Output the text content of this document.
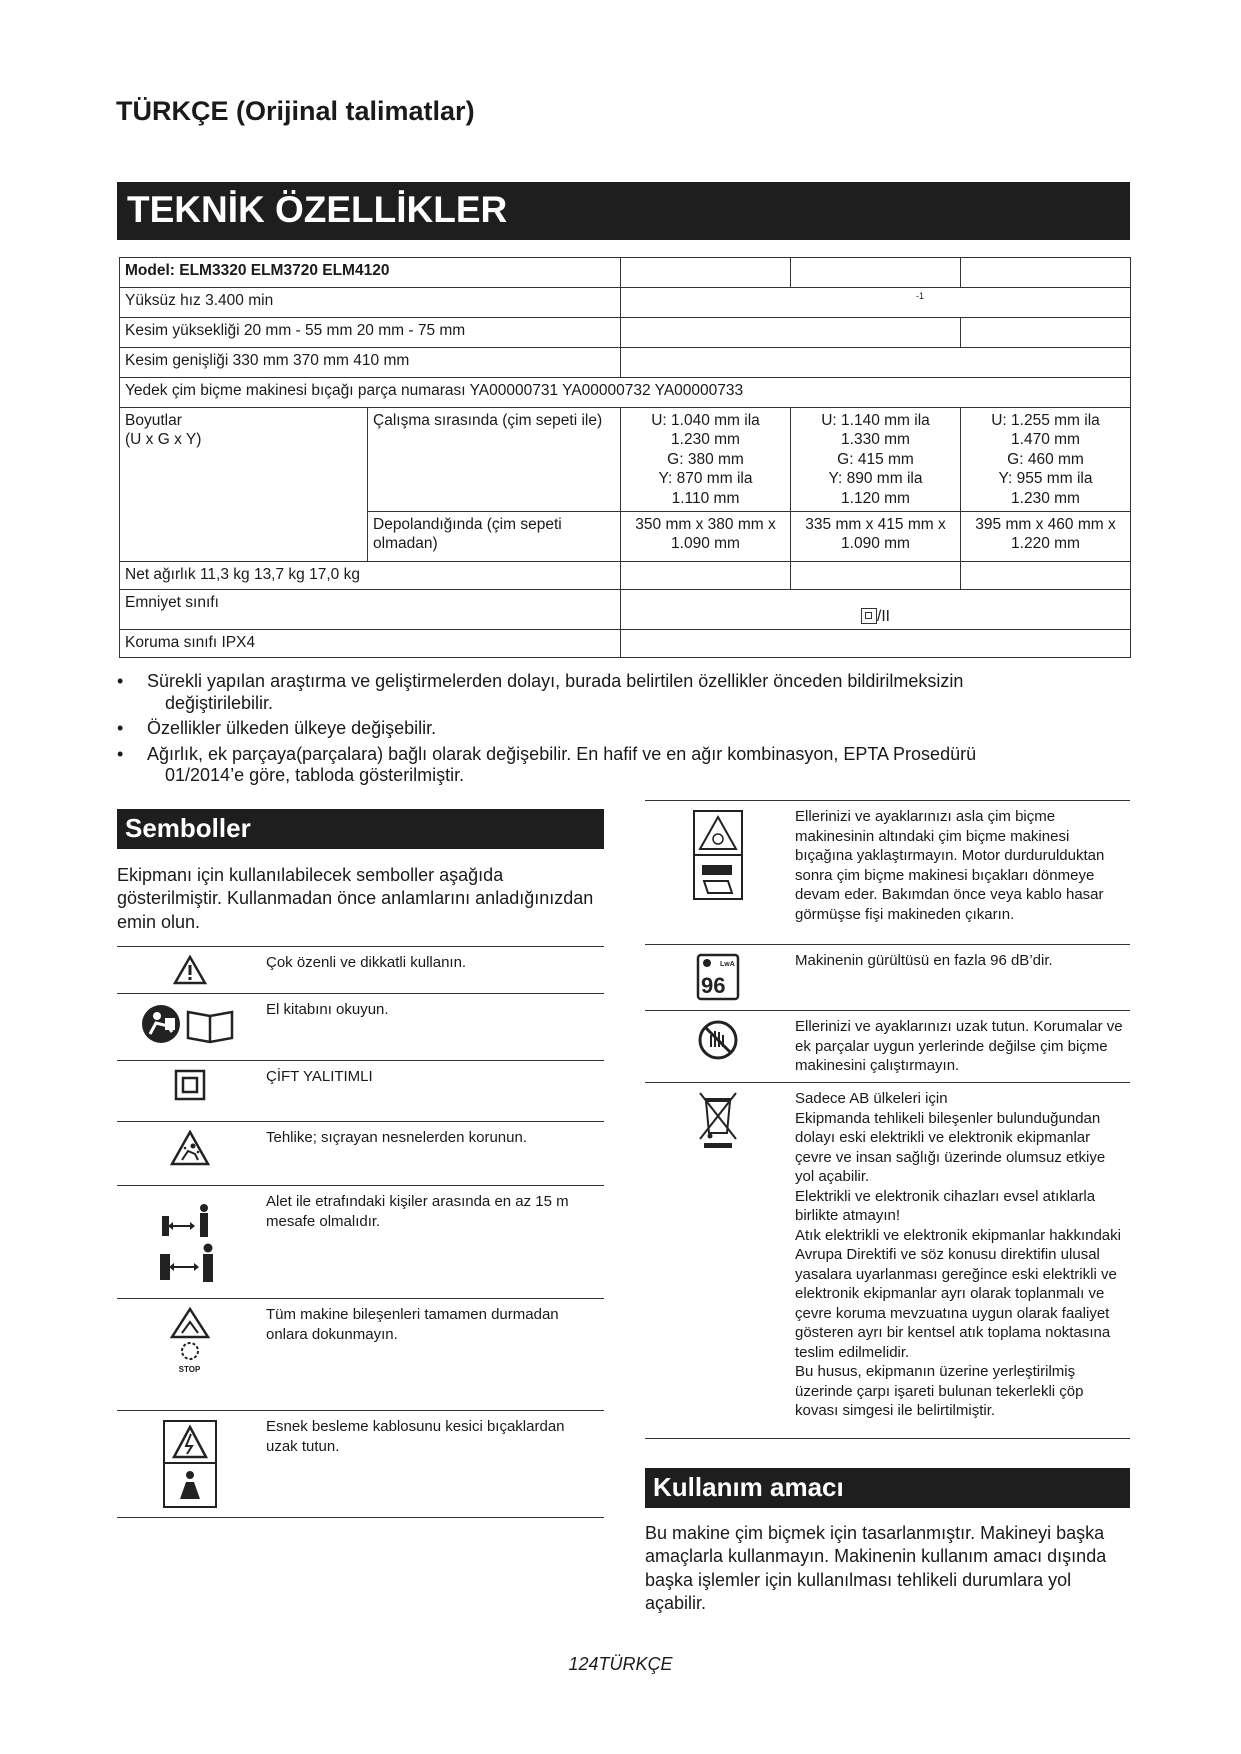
TÜRKÇE (Orijinal talimatlar)
TEKNİK ÖZELLİKLER
Model: ELM3320 ELM3720 ELM4120				
Yüksüz hız 3.400 min		$^{-1}$
Kesim yüksekliği 20 mm - 55 mm 20 mm - 75 mm				
Kesim genişliği 330 mm 370 mm 410 mm				
Yedek çim biçme makinesi bıçağı parça numarası YA00000731 YA00000732 YA00000733				
Boyutlar
(U x G x Y)	Çalışma sırasında (çim sepeti ile)	U: 1.040 mm ila
1.230 mm
G: 380 mm
Y: 870 mm ila
1.110 mm	U: 1.140 mm ila
1.330 mm
G: 415 mm
Y: 890 mm ila
1.120 mm	U: 1.255 mm ila
1.470 mm
G: 460 mm
Y: 955 mm ila
1.230 mm
	Depolandığında (çim sepeti olmadan)	350 mm x 380 mm x
1.090 mm	335 mm x 415 mm x
1.090 mm	395 mm x 460 mm x
1.220 mm
Net ağırlık 11,3 kg 13,7 kg 17,0 kg				
Emniyet sınıfı		/II		
Koruma sınıfı IPX4				
• Sürekli yapılan araştırma ve geliştirmelerden dolayı, burada belirtilen özellikler önceden bildirilmeksizin
değiştirilebilir.
• Özellikler ülkeden ülkeye değişebilir.
• Ağırlık, ek parçaya(parçalara) bağlı olarak değişebilir. En hafif ve en ağır kombinasyon, EPTA Prosedürü
01/2014’e göre, tabloda gösterilmiştir.
Semboller

Ekipmanı için kullanılabilecek semboller aşağıda gösterilmiştir. Kullanmadan önce anlamlarını anladığınızdan emin olun.

	Çok özenli ve dikkatli kullanın.

	El kitabını okuyun.

	ÇİFT YALITIMLI

	Tehlike; sıçrayan nesnelerden korunun.

	Alet ile etrafındaki kişiler arasında en az 15 m mesafe olmalıdır.

STOP	Tüm makine bileşenleri tamamen durmadan onlara dokunmayın.

	Esnek besleme kablosunu kesici bıçaklardan uzak tutun.
	Ellerinizi ve ayaklarınızı asla çim biçme makinesinin altındaki çim biçme makinesi bıçağına yaklaştırmayın. Motor durdurulduktan sonra çim biçme makinesi bıçakları dönmeye devam eder. Bakımdan önce veya kablo hasar görmüşse fişi makineden çıkarın.

LwA
96	Makinenin gürültüsü en fazla 96 dB’dir.

	Ellerinizi ve ayaklarınızı uzak tutun. Korumalar ve ek parçalar uygun yerlerinde değilse çim biçme makinesini çalıştırmayın.

	Sadece AB ülkeleri için
Ekipmanda tehlikeli bileşenler bulunduğundan dolayı eski elektrikli ve elektronik ekipmanlar çevre ve insan sağlığı üzerinde olumsuz etkiye yol açabilir.
Elektrikli ve elektronik cihazları evsel atıklarla birlikte atmayın!
Atık elektrikli ve elektronik ekipmanlar hakkındaki Avrupa Direktifi ve söz konusu direktifin ulusal yasalara uyarlanması gereğince eski elektrikli ve elektronik ekipmanlar ayrı olarak toplanmalı ve çevre koruma mevzuatına uygun olarak faaliyet gösteren ayrı bir kentsel atık toplama noktasına teslim edilmelidir.
Bu husus, ekipmanın üzerine yerleştirilmiş üzerinde çarpı işareti bulunan tekerlekli çöp kovası simgesi ile belirtilmiştir.
Kullanım amacı

Bu makine çim biçmek için tasarlanmıştır. Makineyi başka amaçlarla kullanmayın. Makinenin kullanım amacı dışında başka işlemler için kullanılması tehlikeli durumlara yol açabilir.

124TÜRKÇE
